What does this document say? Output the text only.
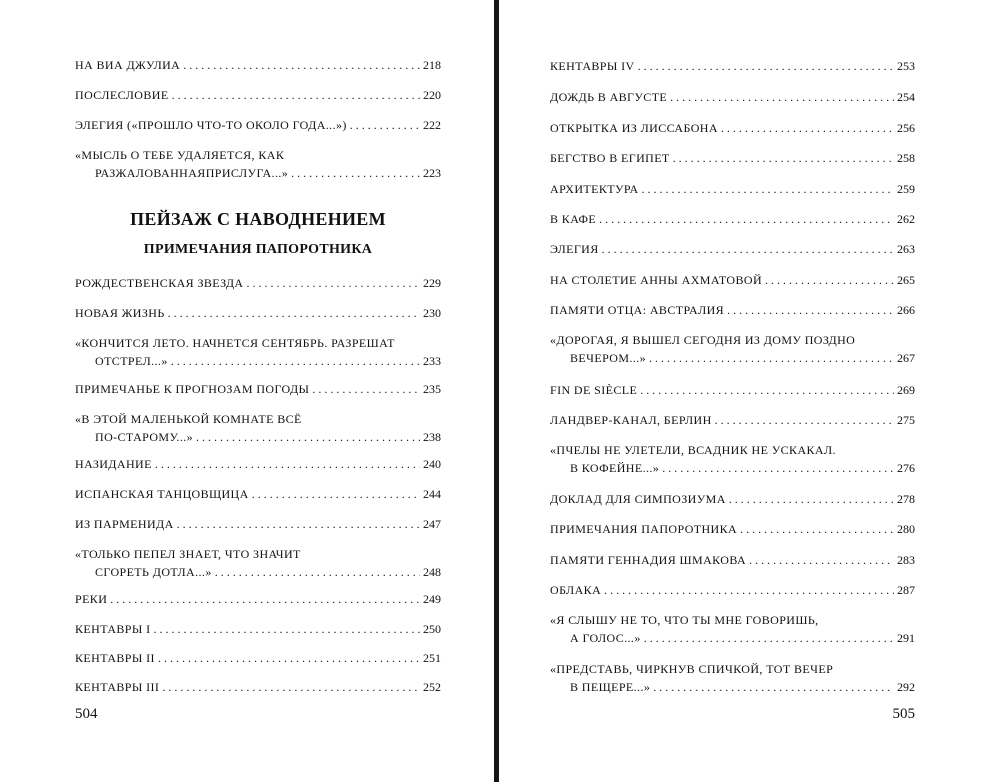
ПЕЙЗАЖ С НАВОДНЕНИЕМ
ПРИМЕЧАНИЯ ПАПОРОТНИКА
504
НА ВИА ДЖУЛИА . . .	218
ПОСЛЕСЛОВИЕ . . .	220
ЭЛЕГИЯ («ПРОШЛО ЧТО-ТО ОКОЛО ГОДА...») . . .	222
«МЫСЛЬ О ТЕБЕ УДАЛЯЕТСЯ, КАК
РАЗЖАЛОВАННАЯПРИСЛУГА...» . . .	223
РОЖДЕСТВЕНСКАЯ ЗВЕЗДА . . .	229
НОВАЯ ЖИЗНЬ . . .	230
«КОНЧИТСЯ ЛЕТО. НАЧНЕТСЯ СЕНТЯБРЬ. РАЗРЕШАТ
ОТСТРЕЛ...» . . .	233
ПРИМЕЧАНЬЕ К ПРОГНОЗАМ ПОГОДЫ . . .	235
«В ЭТОЙ МАЛЕНЬКОЙ КОМНАТЕ ВСЁ
ПО-СТАРОМУ...» . . .	238
НАЗИДАНИЕ . . .	240
ИСПАНСКАЯ ТАНЦОВЩИЦА . . .	244
ИЗ ПАРМЕНИДА . . .	247
«ТОЛЬКО ПЕПЕЛ ЗНАЕТ, ЧТО ЗНАЧИТ
СГОРЕТЬ ДОТЛА...» . . .	248
РЕКИ . . .	249
КЕНТАВРЫ I . . .	250
КЕНТАВРЫ II . . .	251
КЕНТАВРЫ III . . .	252
505
КЕНТАВРЫ IV . . .	253
ДОЖДЬ В АВГУСТЕ . . .	254
ОТКРЫТКА ИЗ ЛИССАБОНА . . .	256
БЕГСТВО В ЕГИПЕТ . . .	258
АРХИТЕКТУРА . . .	259
В КАФЕ . . .	262
ЭЛЕГИЯ . . .	263
НА СТОЛЕТИЕ АННЫ АХМАТОВОЙ . . .	265
ПАМЯТИ ОТЦА: АВСТРАЛИЯ . . .	266
«ДОРОГАЯ, Я ВЫШЕЛ СЕГОДНЯ ИЗ ДОМУ ПОЗДНО
ВЕЧЕРОМ...» . . .	267
FIN DE SIÈCLE . . .	269
ЛАНДВЕР-КАНАЛ, БЕРЛИН . . .	275
«ПЧЕЛЫ НЕ УЛЕТЕЛИ, ВСАДНИК НЕ УСКАКАЛ.
В КОФЕЙНЕ...» . . .	276
ДОКЛАД ДЛЯ СИМПОЗИУМА . . .	278
ПРИМЕЧАНИЯ ПАПОРОТНИКА . . .	280
ПАМЯТИ ГЕННАДИЯ ШМАКОВА . . .	283
ОБЛАКА . . .	287
«Я СЛЫШУ НЕ ТО, ЧТО ТЫ МНЕ ГОВОРИШЬ,
А ГОЛОС...» . . .	291
«ПРЕДСТАВЬ, ЧИРКНУВ СПИЧКОЙ, ТОТ ВЕЧЕР
В ПЕЩЕРЕ...» . . .	292
